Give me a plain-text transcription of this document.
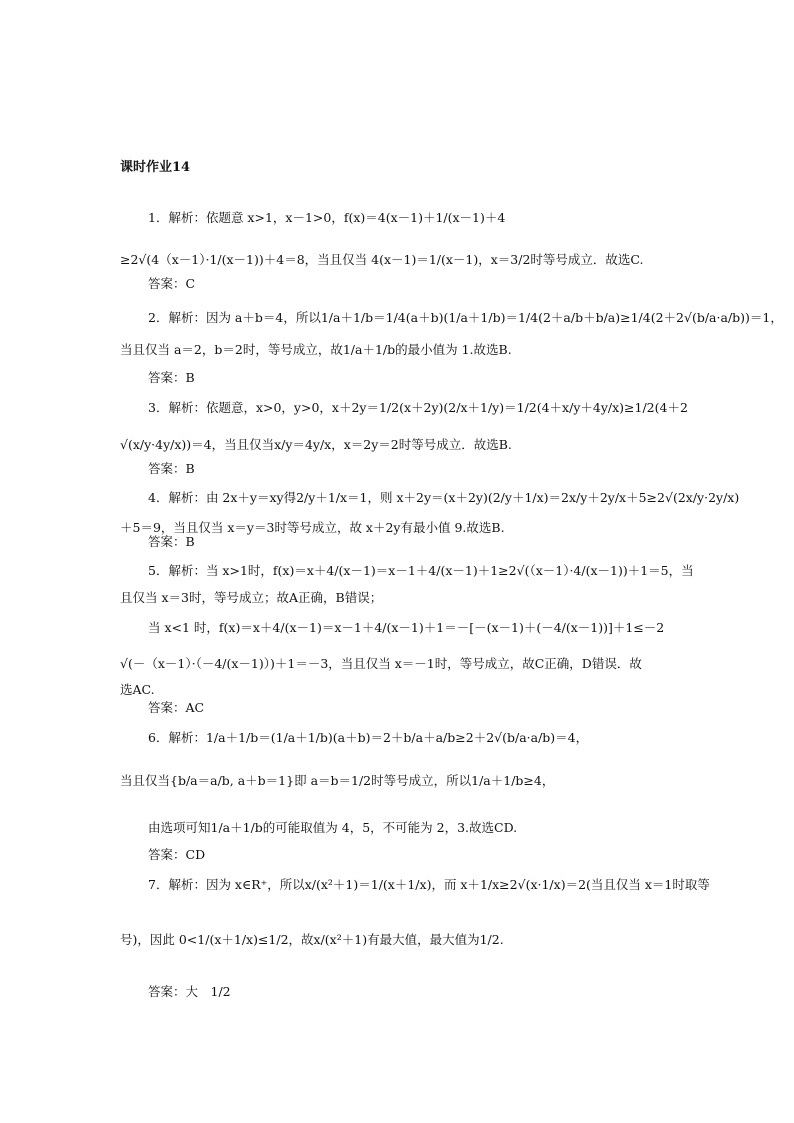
课时作业14
1．解析：依题意 x>1，x－1>0，f(x)＝4(x－1)＋1/(x－1)＋4
≥2√(4（x－1）·1/(x－1))＋4＝8，当且仅当 4(x－1)＝1/(x－1)，x＝3/2时等号成立．故选C.
答案：C
2．解析：因为 a＋b＝4，所以1/a＋1/b＝1/4(a＋b)(1/a＋1/b)＝1/4(2＋a/b＋b/a)≥1/4(2＋2√(b/a·a/b))＝1，
当且仅当 a＝2，b＝2时，等号成立，故1/a＋1/b的最小值为 1.故选B.
答案：B
3．解析：依题意，x>0，y>0，x＋2y＝1/2(x＋2y)(2/x＋1/y)＝1/2(4＋x/y＋4y/x)≥1/2(4＋2
√(x/y·4y/x))＝4，当且仅当x/y＝4y/x，x＝2y＝2时等号成立．故选B.
答案：B
4．解析：由 2x＋y＝xy得2/y＋1/x＝1，则 x＋2y＝(x＋2y)(2/y＋1/x)＝2x/y＋2y/x＋5≥2√(2x/y·2y/x)
＋5＝9，当且仅当 x＝y＝3时等号成立，故 x＋2y有最小值 9.故选B.
答案：B
5．解析：当 x>1时，f(x)＝x＋4/(x－1)＝x－1＋4/(x－1)＋1≥2√(（x－1）·4/(x－1))＋1＝5，当
且仅当 x＝3时，等号成立；故A正确，B错误；
当 x<1 时，f(x)＝x＋4/(x－1)＝x－1＋4/(x－1)＋1＝－[－(x－1)＋(－4/(x－1))]＋1≤－2
√(－（x－1）·（－4/(x－1)）)＋1＝－3，当且仅当 x＝－1时，等号成立，故C正确，D错误．故
选AC.
答案：AC
6．解析：1/a＋1/b＝(1/a＋1/b)(a＋b)＝2＋b/a＋a/b≥2＋2√(b/a·a/b)＝4，
当且仅当{b/a＝a/b, a＋b＝1}即 a＝b＝1/2时等号成立，所以1/a＋1/b≥4，
由选项可知1/a＋1/b的可能取值为 4，5，不可能为 2，3.故选CD.
答案：CD
7．解析：因为 x∈R⁺，所以x/(x²＋1)＝1/(x＋1/x)，而 x＋1/x≥2√(x·1/x)＝2(当且仅当 x＝1时取等
号)，因此 0<1/(x＋1/x)≤1/2，故x/(x²＋1)有最大值，最大值为1/2.
答案：大　1/2
